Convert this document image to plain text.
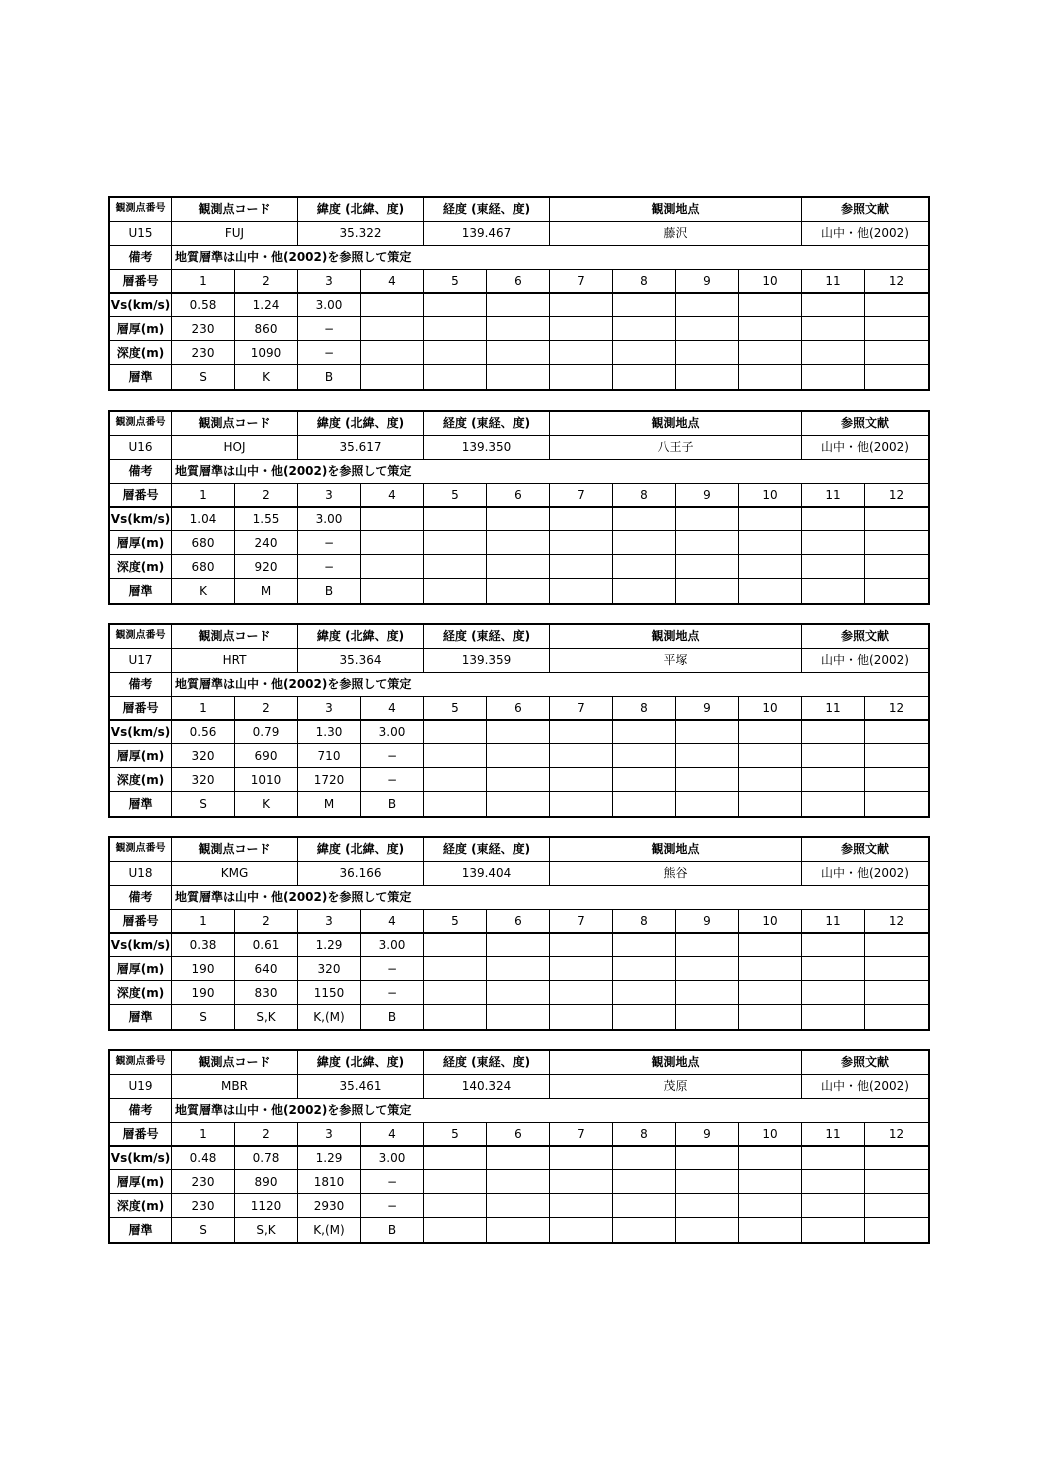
観測点番号	観測点コード	緯度 (北緯、度)	経度 (東経、度)	観測地点	参照文献
U15	FUJ	35.322	139.467	藤沢	山中・他(2002)
備考	地質層準は山中・他(2002)を参照して策定
層番号	1	2	3	4	5	6	7	8	9	10	11	12
Vs(km/s)	0.58	1.24	3.00
層厚(m)	230	860	−
深度(m)	230	1090	−
層準	S	K	B
観測点番号	観測点コード	緯度 (北緯、度)	経度 (東経、度)	観測地点	参照文献
U16	HOJ	35.617	139.350	八王子	山中・他(2002)
備考	地質層準は山中・他(2002)を参照して策定
層番号	1	2	3	4	5	6	7	8	9	10	11	12
Vs(km/s)	1.04	1.55	3.00
層厚(m)	680	240	−
深度(m)	680	920	−
層準	K	M	B
観測点番号	観測点コード	緯度 (北緯、度)	経度 (東経、度)	観測地点	参照文献
U17	HRT	35.364	139.359	平塚	山中・他(2002)
備考	地質層準は山中・他(2002)を参照して策定
層番号	1	2	3	4	5	6	7	8	9	10	11	12
Vs(km/s)	0.56	0.79	1.30	3.00
層厚(m)	320	690	710	−
深度(m)	320	1010	1720	−
層準	S	K	M	B
観測点番号	観測点コード	緯度 (北緯、度)	経度 (東経、度)	観測地点	参照文献
U18	KMG	36.166	139.404	熊谷	山中・他(2002)
備考	地質層準は山中・他(2002)を参照して策定
層番号	1	2	3	4	5	6	7	8	9	10	11	12
Vs(km/s)	0.38	0.61	1.29	3.00
層厚(m)	190	640	320	−
深度(m)	190	830	1150	−
層準	S	S,K	K,(M)	B
観測点番号	観測点コード	緯度 (北緯、度)	経度 (東経、度)	観測地点	参照文献
U19	MBR	35.461	140.324	茂原	山中・他(2002)
備考	地質層準は山中・他(2002)を参照して策定
層番号	1	2	3	4	5	6	7	8	9	10	11	12
Vs(km/s)	0.48	0.78	1.29	3.00
層厚(m)	230	890	1810	−
深度(m)	230	1120	2930	−
層準	S	S,K	K,(M)	B
